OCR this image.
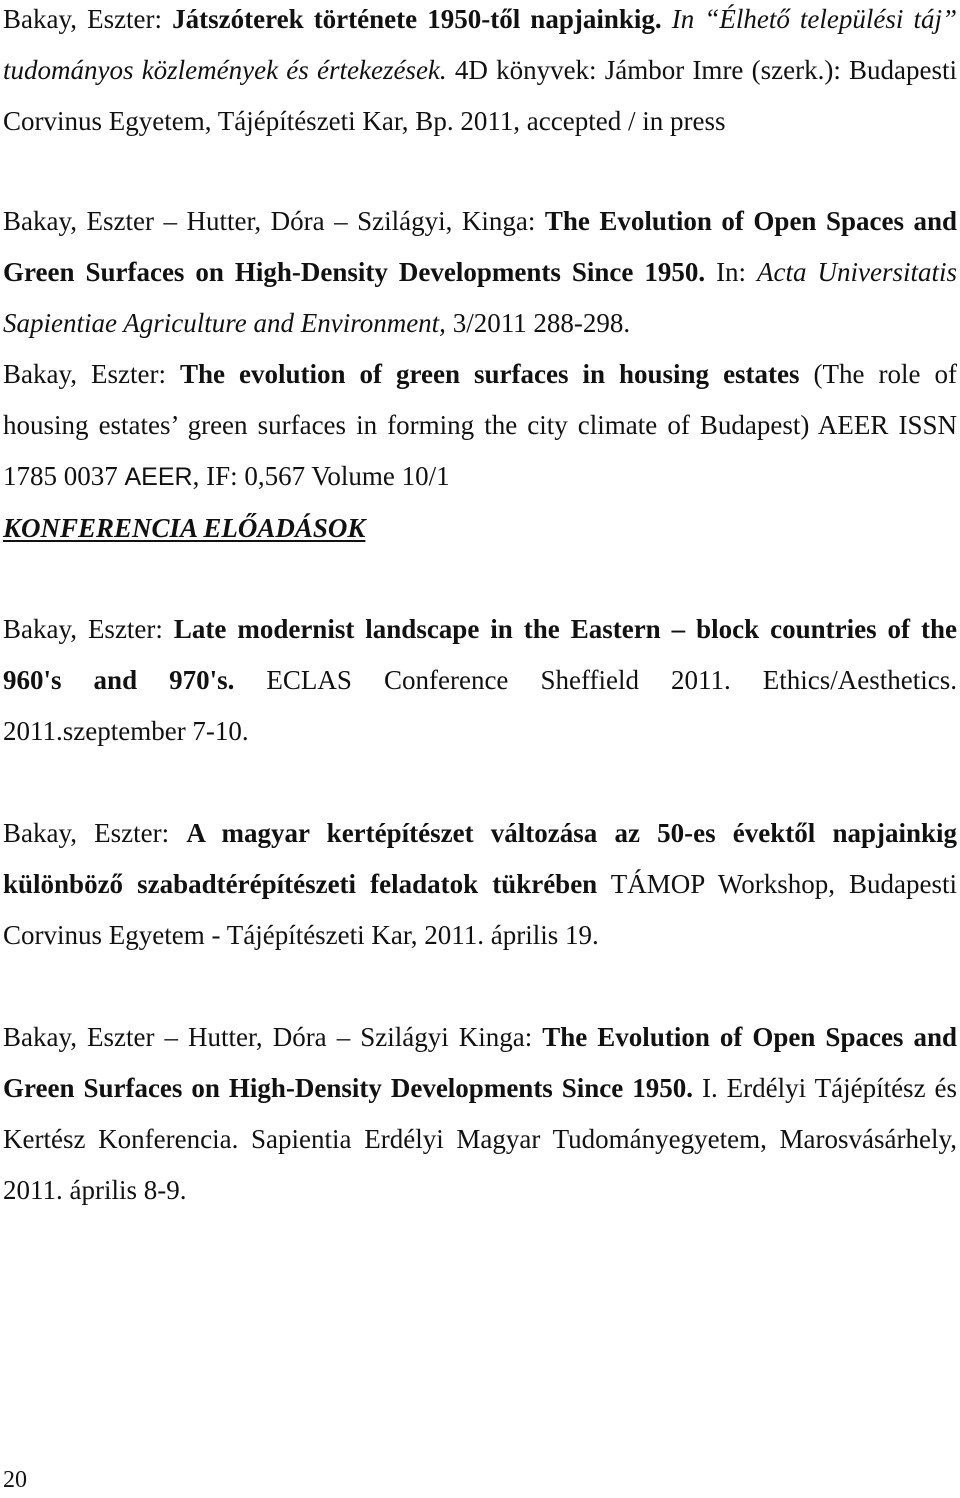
Bakay, Eszter: Játszóterek története 1950-től napjainkig. In “Élhető települési táj” tudományos közlemények és értekezések. 4D könyvek: Jámbor Imre (szerk.): Budapesti Corvinus Egyetem, Tájépítészeti Kar, Bp. 2011, accepted / in press

Bakay, Eszter – Hutter, Dóra – Szilágyi, Kinga: The Evolution of Open Spaces and Green Surfaces on High-Density Developments Since 1950. In: Acta Universitatis Sapientiae Agriculture and Environment, 3/2011 288-298.

Bakay, Eszter: The evolution of green surfaces in housing estates (The role of housing estates’ green surfaces in forming the city climate of Budapest) AEER ISSN 1785 0037 AEER, IF: 0,567 Volume 10/1

KONFERENCIA ELŐADÁSOK

Bakay, Eszter: Late modernist landscape in the Eastern – block countries of the 960's and 970's. ECLAS Conference Sheffield 2011. Ethics/Aesthetics. 2011.szeptember 7-10.

Bakay, Eszter: A magyar kertépítészet változása az 50-es évektől napjainkig különböző szabadtérépítészeti feladatok tükrében TÁMOP Workshop, Budapesti Corvinus Egyetem - Tájépítészeti Kar, 2011. április 19.

Bakay, Eszter – Hutter, Dóra – Szilágyi Kinga: The Evolution of Open Spaces and Green Surfaces on High-Density Developments Since 1950. I. Erdélyi Tájépítész és Kertész Konferencia. Sapientia Erdélyi Magyar Tudományegyetem, Marosvásárhely, 2011. április 8-9.

20
